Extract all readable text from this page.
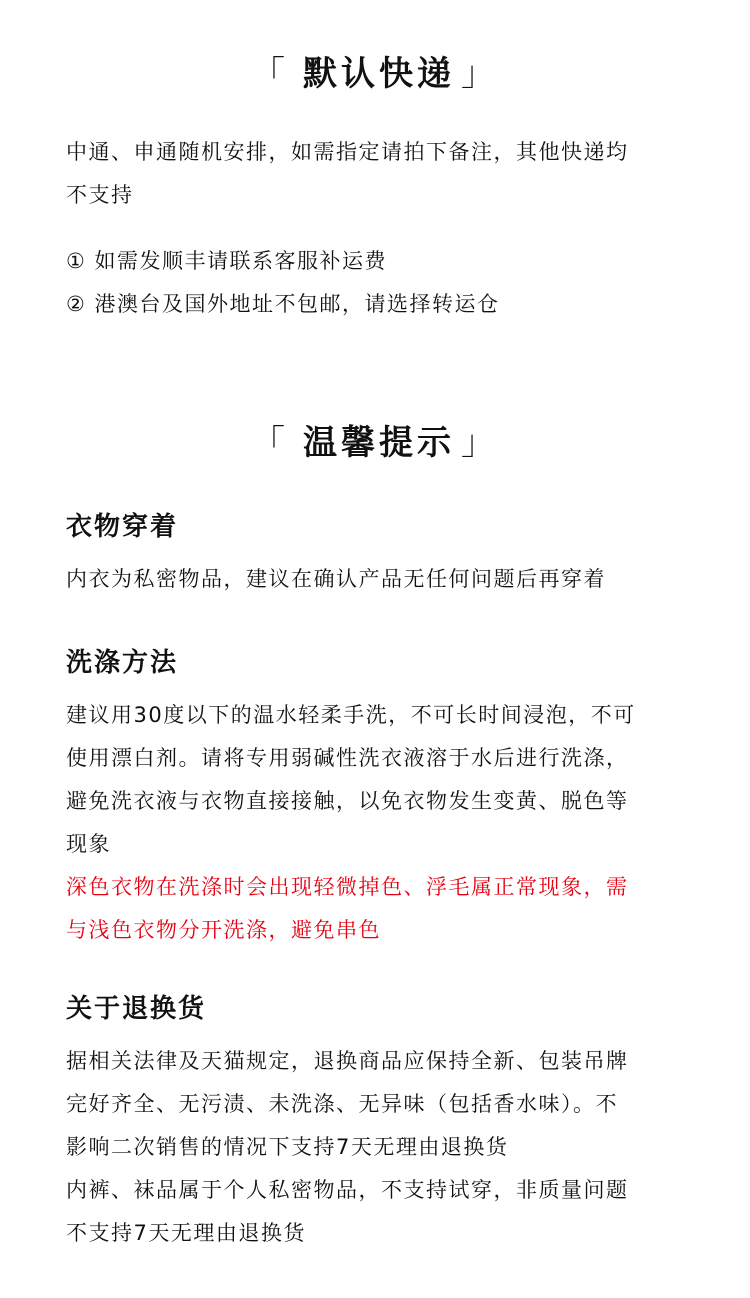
「 默认快递 」
中通、申通随机安排，如需指定请拍下备注，其他快递均
不支持
① 如需发顺丰请联系客服补运费
② 港澳台及国外地址不包邮，请选择转运仓
「 温馨提示 」
衣物穿着
内衣为私密物品，建议在确认产品无任何问题后再穿着
洗涤方法
建议用30度以下的温水轻柔手洗，不可长时间浸泡，不可
使用漂白剂。请将专用弱碱性洗衣液溶于水后进行洗涤，
避免洗衣液与衣物直接接触，以免衣物发生变黄、脱色等
现象
深色衣物在洗涤时会出现轻微掉色、浮毛属正常现象，需
与浅色衣物分开洗涤，避免串色
关于退换货
据相关法律及天猫规定，退换商品应保持全新、包装吊牌
完好齐全、无污渍、未洗涤、无异味（包括香水味）。不
影响二次销售的情况下支持7天无理由退换货
内裤、袜品属于个人私密物品，不支持试穿，非质量问题
不支持7天无理由退换货
